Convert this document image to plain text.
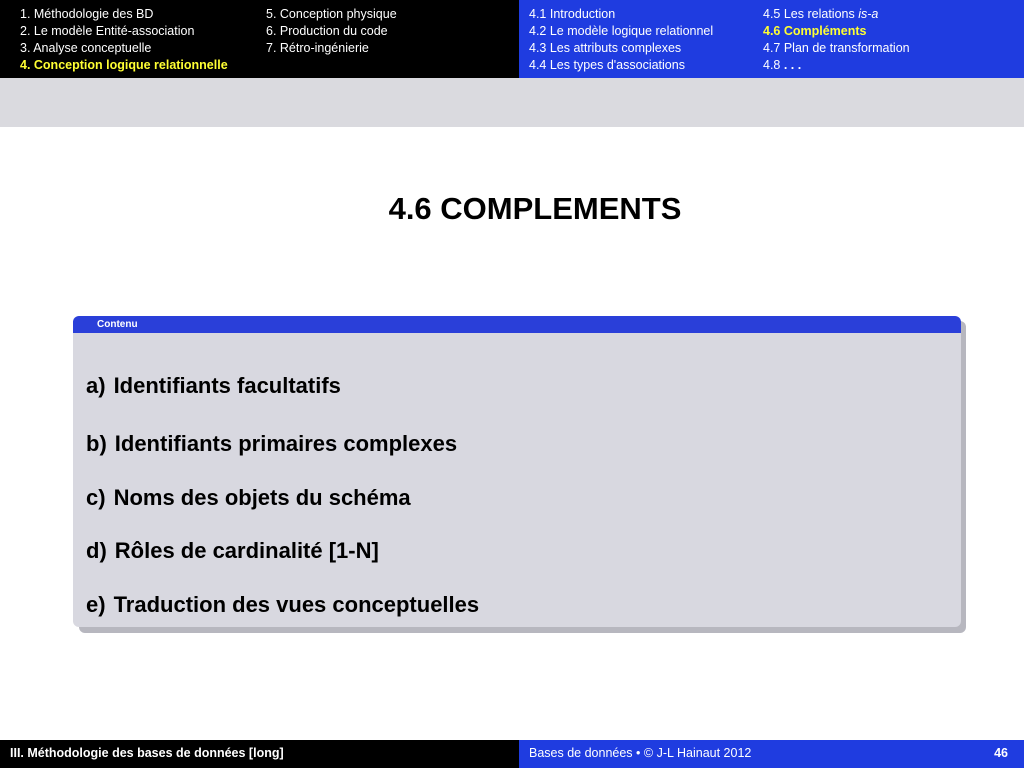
1. Méthodologie des BD
2. Le modèle Entité-association
3. Analyse conceptuelle
4. Conception logique relationnelle
5. Conception physique
6. Production du code
7. Rétro-ingénierie
4.1 Introduction
4.2 Le modèle logique relationnel
4.3 Les attributs complexes
4.4 Les types d'associations
4.5 Les relations is-a
4.6 Compléments
4.7 Plan de transformation
4.8 . . .
4.6 COMPLEMENTS
Contenu
a) Identifiants facultatifs
b) Identifiants primaires complexes
c) Noms des objets du schéma
d) Rôles de cardinalité [1-N]
e) Traduction des vues conceptuelles
III. Méthodologie des bases de données [long]	Bases de données • © J-L Hainaut 2012	46
